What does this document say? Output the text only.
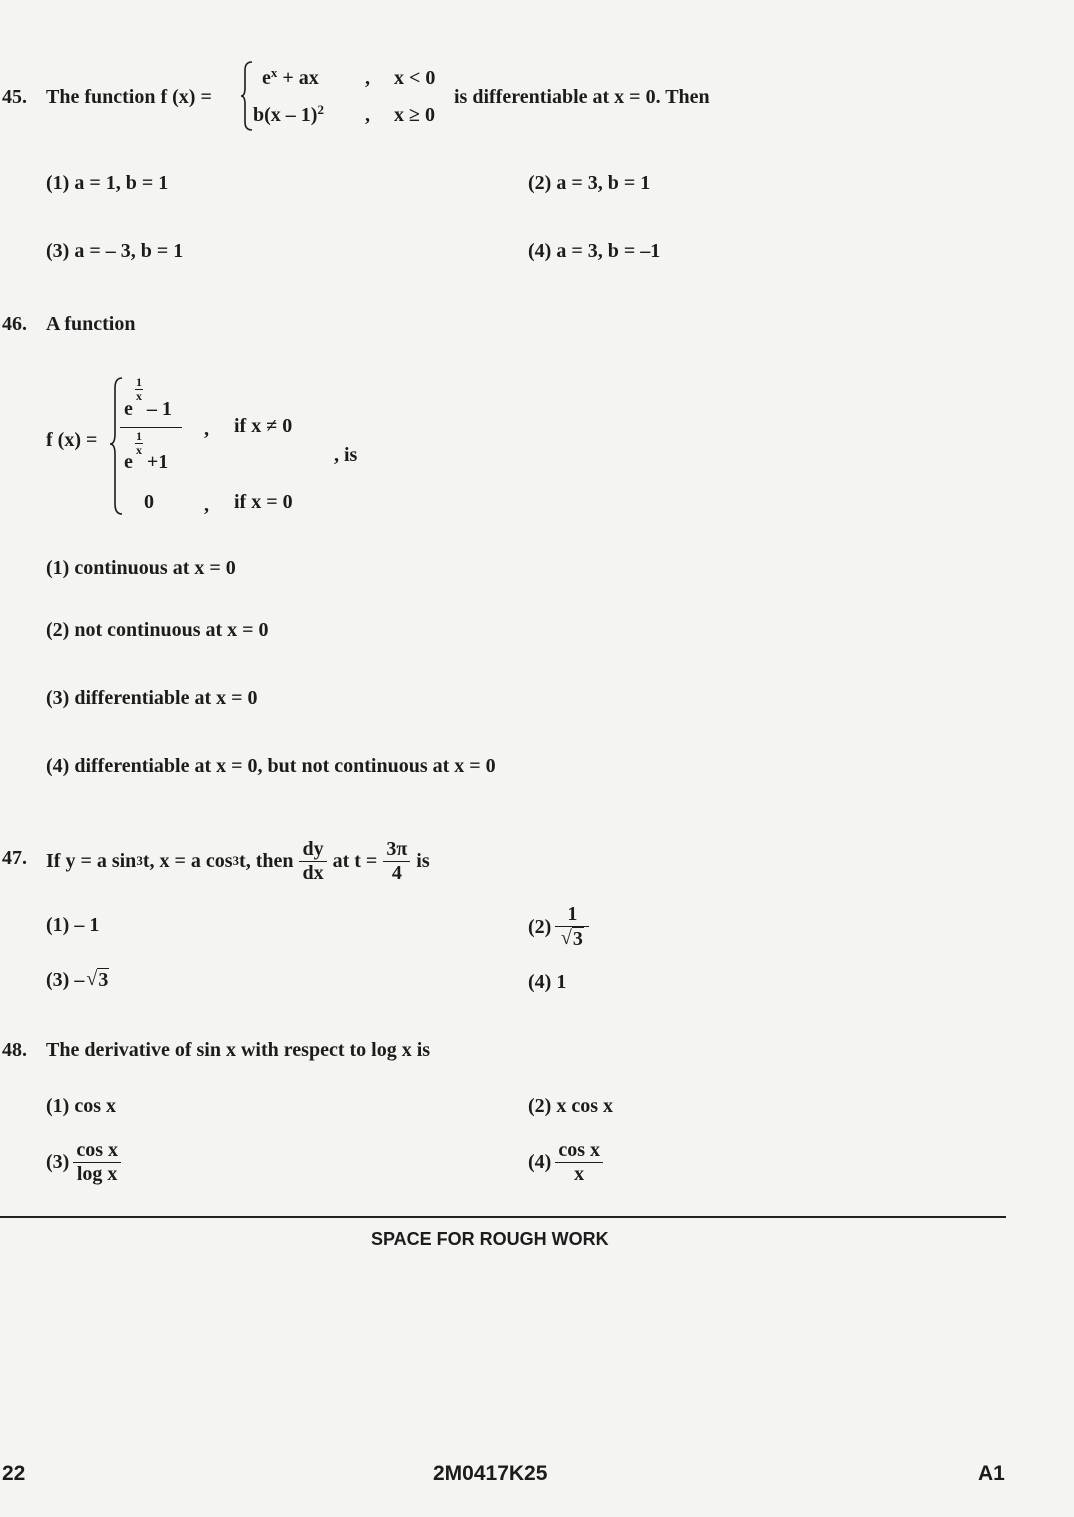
45. The function f (x) =
$e^x$ + ax , x < 0
b(x – 1)$^2$ , x ≥ 0
is differentiable at x = 0. Then
(1) a = 1, b = 1	(2) a = 3, b = 1
(3) a = – 3, b = 1	(4) a = 3, b = –1
46. A function
f (x) =
e – 1
1
x
e +1
1
x
, if x ≠ 0
, is
0	, if x = 0
(1) continuous at x = 0
(2) not continuous at x = 0
(3) differentiable at x = 0
(4) differentiable at x = 0, but not continuous at x = 0
47. If y = a sin 3 t, x = a cos 3 t, then $\frac{dy}{dx}$ at $t = \frac{3\pi}{4}$ is
(1) – 1	$(2) \frac{1}{√ 3}$
(3) – √ 3	(4) 1
48. The derivative of sin x with respect to log x is
(1) cos x	(2) x cos x
$(3) \frac{\text{cos x}}{\text{log x}}$	$(4) \frac{\text{cos x}}{x}$
SPACE FOR ROUGH WORK
22	2M0417K25	A1
